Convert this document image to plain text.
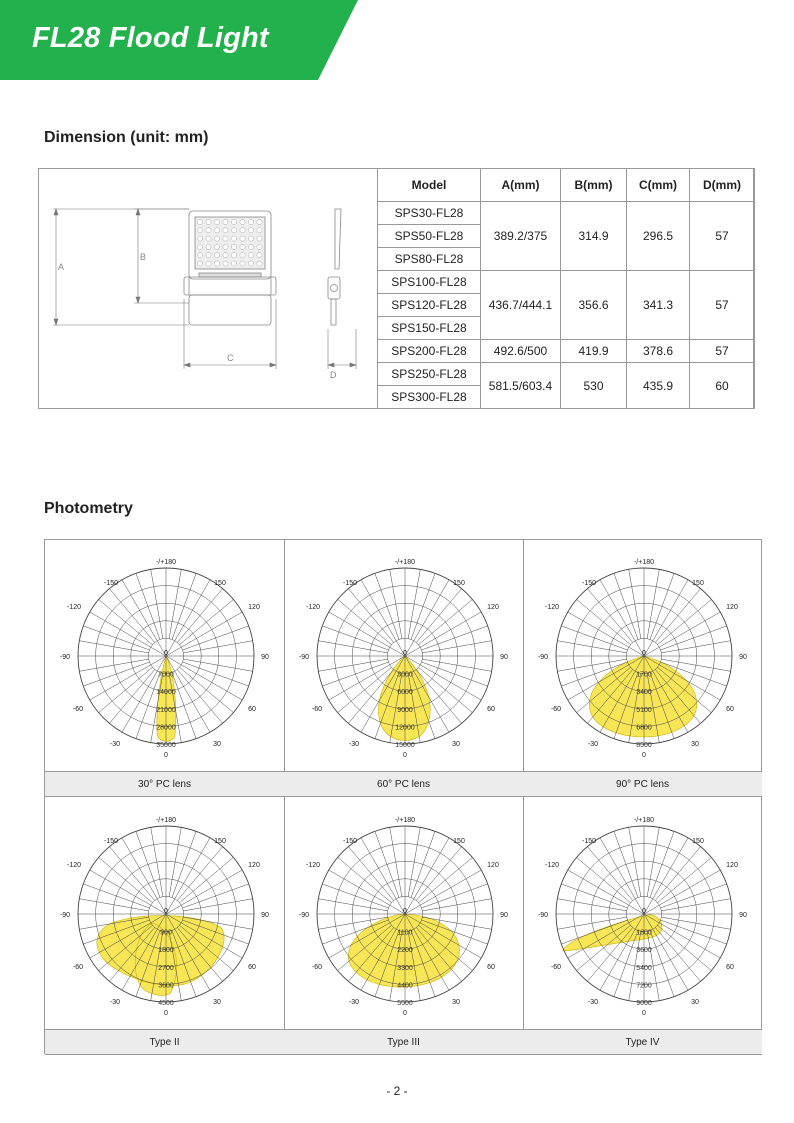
FL28 Flood Light
Dimension (unit: mm)
A
B
C
D
Model	A(mm)	B(mm)	C(mm)	D(mm)
SPS30-FL28	389.2/375	314.9	296.5	57
SPS50-FL28				
SPS80-FL28				
SPS100-FL28	436.7/444.1	356.6	341.3	57
SPS120-FL28				
SPS150-FL28				
SPS200-FL28	492.6/500	419.9	378.6	57
SPS250-FL28	581.5/603.4	530	435.9	60
SPS300-FL28				
Photometry
7000
14000
21000
28000
35000
-/+180
-150	150
-120	120
-90	90
-60	60
-30	30
0
0
30° PC lens
3000
6000
9000
12000
15000
-/+180
-150	150
-120	120
-90	90
-60	60
-30	30
0
0
60° PC lens
1700
3400
5100
6800
8500
-/+180
-150	150
-120	120
-90	90
-60	60
-30	30
0
0
90° PC lens
900
1800
2700
3600
4500
-/+180
-150	150
-120	120
-90	90
-60	60
-30	30
0
0
Type II
1100
2200
3300
4400
5500
-/+180
-150	150
-120	120
-90	90
-60	60
-30	30
0
0
Type III
1800
3600
5400
7200
9000
-/+180
-150	150
-120	120
-90	90
-60	60
-30	30
0
0
Type IV
- 2 -
